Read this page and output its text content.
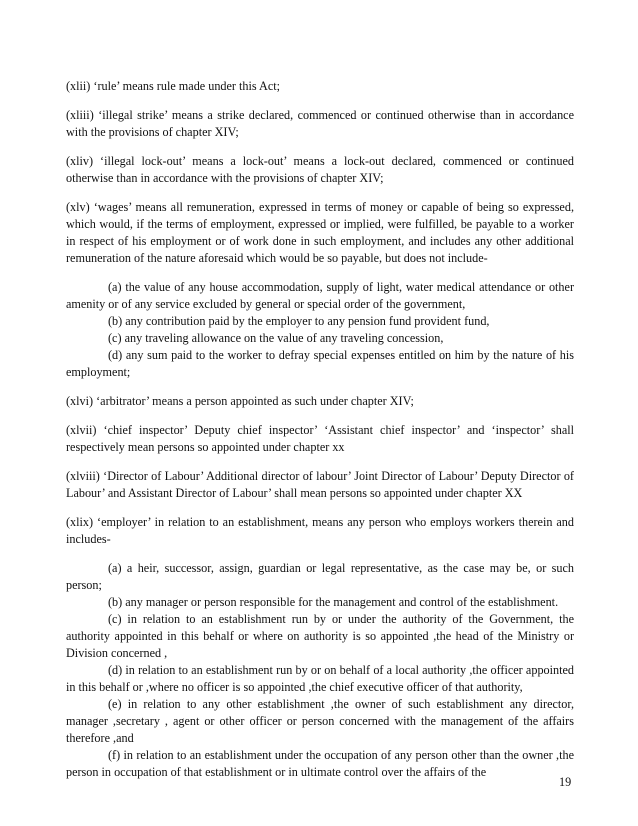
(xlii) ‘rule’ means rule made under this Act;

(xliii) ‘illegal strike’ means a strike declared, commenced or continued otherwise than in accordance with the provisions of chapter XIV;

(xliv) ‘illegal lock-out’ means a lock-out’ means a lock-out declared, commenced or continued otherwise than in accordance with the provisions of chapter XIV;

(xlv) ‘wages’ means all remuneration, expressed in terms of money or capable of being so expressed, which would, if the terms of employment, expressed or implied, were fulfilled, be payable to a worker in respect of his employment or of work done in such employment, and includes any other additional remuneration of the nature aforesaid which would be so payable, but does not include-

(a) the value of any house accommodation, supply of light, water medical attendance or other amenity or of any service excluded by general or special order of the government,

(b) any contribution paid by the employer to any pension fund provident fund,

(c) any traveling allowance on the value of any traveling concession,

(d) any sum paid to the worker to defray special expenses entitled on him by the nature of his employment;

(xlvi) ‘arbitrator’ means a person appointed as such under chapter XIV;

(xlvii) ‘chief inspector’ Deputy chief inspector’ ‘Assistant chief inspector’ and ‘inspector’ shall respectively mean persons so appointed under chapter xx

(xlviii) ‘Director of Labour’ Additional director of labour’ Joint Director of Labour’ Deputy Director of Labour’ and Assistant Director of Labour’ shall mean persons so appointed under chapter XX

(xlix) ‘employer’ in relation to an establishment, means any person who employs workers therein and includes-

(a) a heir, successor, assign, guardian or legal representative, as the case may be, or such person;

(b) any manager or person responsible for the management and control of the establishment.

(c) in relation to an establishment run by or under the authority of the Government, the authority appointed in this behalf or where on authority is so appointed ,the head of the Ministry or Division concerned ,

(d) in relation to an establishment run by or on behalf of a local authority ,the officer appointed in this behalf or ,where no officer is so appointed ,the chief executive officer of that authority,

(e) in relation to any other establishment ,the owner of such establishment any director, manager ,secretary , agent or other officer or person concerned with the management of the affairs therefore ,and

(f) in relation to an establishment under the occupation of any person other than the owner ,the person in occupation of that establishment or in ultimate control over the affairs of the

19
